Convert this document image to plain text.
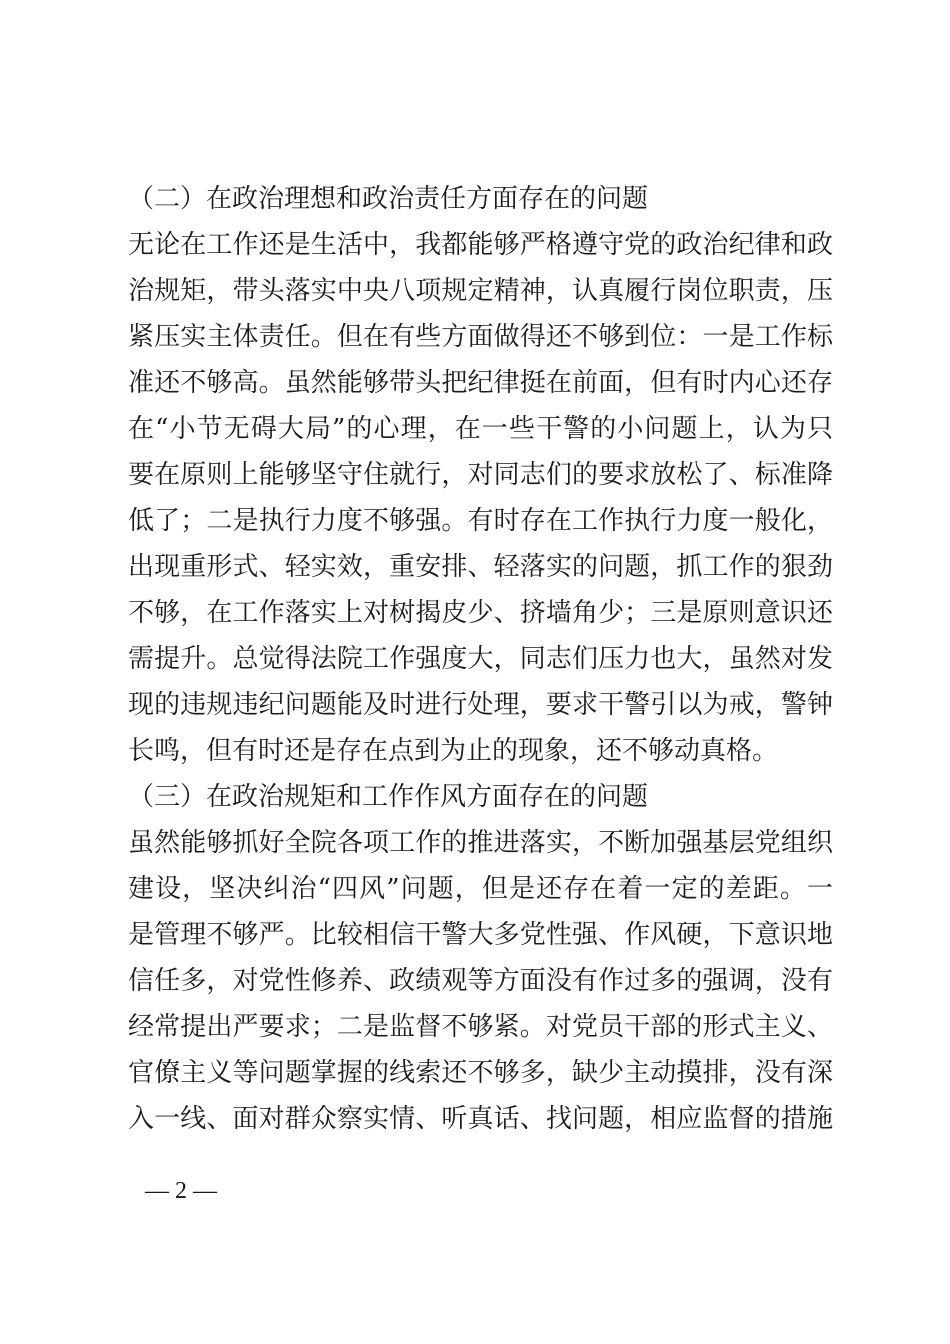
（二）在政治理想和政治责任方面存在的问题
无论在工作还是生活中，我都能够严格遵守党的政治纪律和政
治规矩，带头落实中央八项规定精神，认真履行岗位职责，压
紧压实主体责任。但在有些方面做得还不够到位：一是工作标
准还不够高。虽然能够带头把纪律挺在前面，但有时内心还存
在“小节无碍大局”的心理，在一些干警的小问题上，认为只
要在原则上能够坚守住就行，对同志们的要求放松了、标准降
低了；二是执行力度不够强。有时存在工作执行力度一般化，
出现重形式、轻实效，重安排、轻落实的问题，抓工作的狠劲
不够，在工作落实上对树揭皮少、挤墙角少；三是原则意识还
需提升。总觉得法院工作强度大，同志们压力也大，虽然对发
现的违规违纪问题能及时进行处理，要求干警引以为戒，警钟
长鸣，但有时还是存在点到为止的现象，还不够动真格。
（三）在政治规矩和工作作风方面存在的问题
虽然能够抓好全院各项工作的推进落实，不断加强基层党组织
建设，坚决纠治“四风”问题，但是还存在着一定的差距。一
是管理不够严。比较相信干警大多党性强、作风硬，下意识地
信任多，对党性修养、政绩观等方面没有作过多的强调，没有
经常提出严要求；二是监督不够紧。对党员干部的形式主义、
官僚主义等问题掌握的线索还不够多，缺少主动摸排，没有深
入一线、面对群众察实情、听真话、找问题，相应监督的措施
— 2 —
